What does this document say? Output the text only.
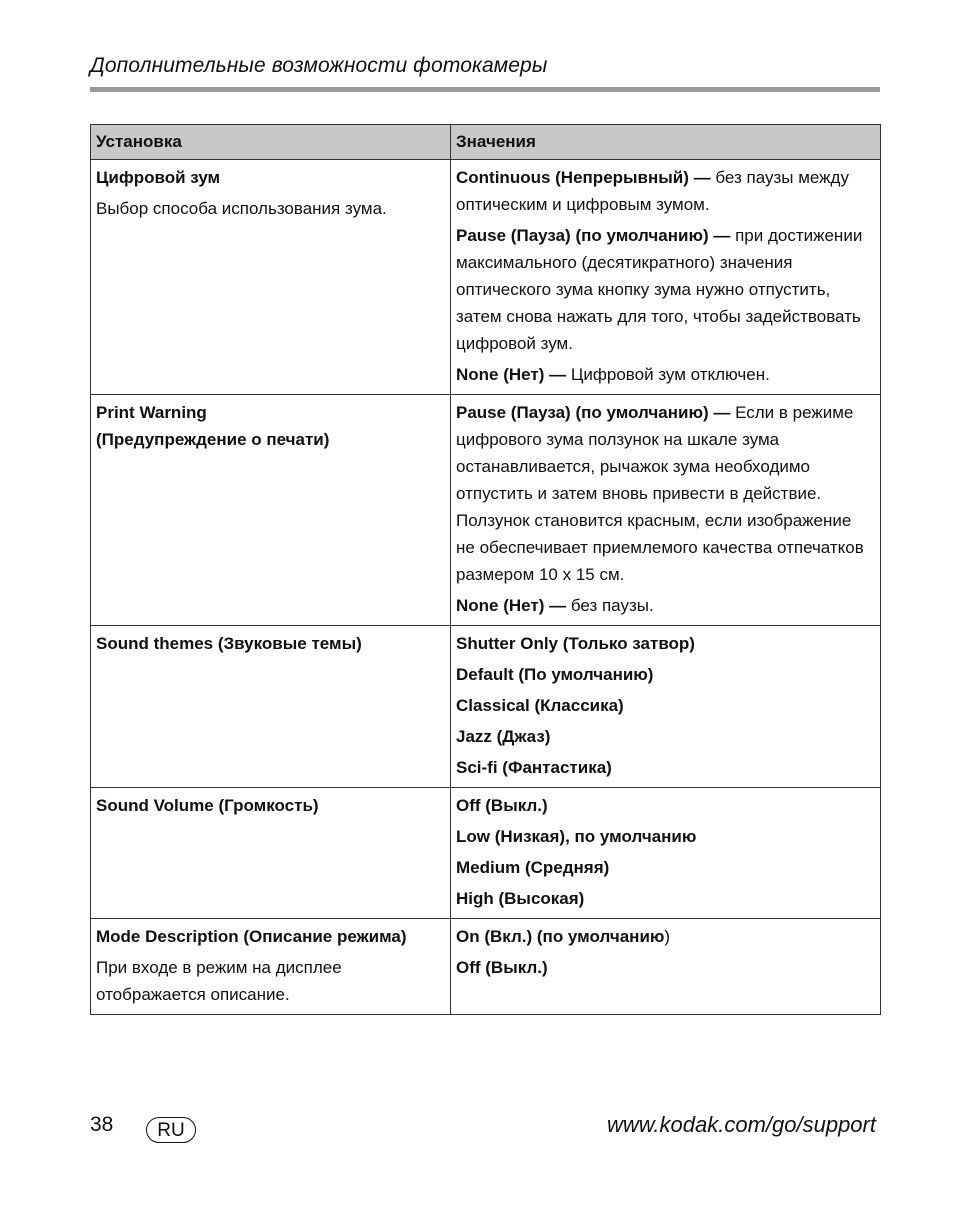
Дополнительные возможности фотокамеры
Установка	Значения

Цифровой зум
Выбор способа использования зума.	Continuous (Непрерывный) — без паузы между оптическим и цифровым зумом.
Pause (Пауза) (по умолчанию) — при достижении максимального (десятикратного) значения оптического зума кнопку зума нужно отпустить, затем снова нажать для того, чтобы задействовать цифровой зум.
None (Нет) — Цифровой зум отключен.

Print Warning
(Предупреждение о печати)	Pause (Пауза) (по умолчанию) — Если в режиме цифрового зума ползунок на шкале зума останавливается, рычажок зума необходимо отпустить и затем вновь привести в действие. Ползунок становится красным, если изображение не обеспечивает приемлемого качества отпечатков размером 10 x 15 см.
None (Нет) — без паузы.

Sound themes (Звуковые темы)	Shutter Only (Только затвор)
Default (По умолчанию)
Classical (Классика)
Jazz (Джаз)
Sci-fi (Фантастика)

Sound Volume (Громкость)	Off (Выкл.)
Low (Низкая), по умолчанию
Medium (Средняя)
High (Высокая)

Mode Description (Описание режима)
При входе в режим на дисплее отображается описание.	On (Вкл.) (по умолчанию)
Off (Выкл.)
38	RU	www.kodak.com/go/support
